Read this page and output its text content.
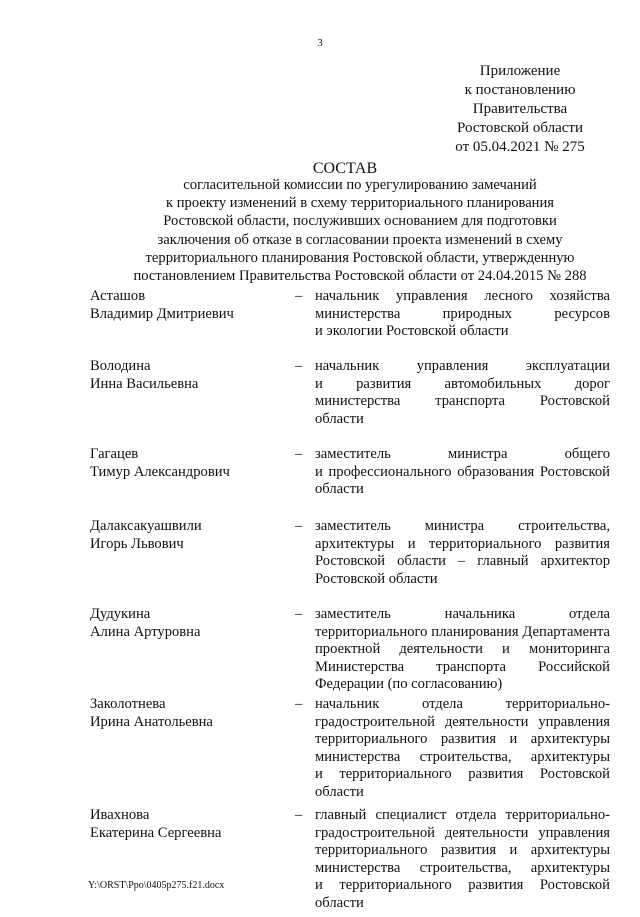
3
Приложение
к постановлению
Правительства
Ростовской области
от 05.04.2021 № 275
СОСТАВ
согласительной комиссии по урегулированию замечаний
к проекту изменений в схему территориального планирования
Ростовской области, послуживших основанием для подготовки
заключения об отказе в согласовании проекта изменений в схему
территориального планирования Ростовской области, утвержденную
постановлением Правительства Ростовской области от 24.04.2015 № 288
Асташов
Владимир Дмитриевич
– начальник управления лесного хозяйства
министерства природных ресурсов
и экологии Ростовской области
Володина
Инна Васильевна
– начальник управления эксплуатации
и развития автомобильных дорог
министерства транспорта Ростовской
области
Гагацев
Тимур Александрович
– заместитель министра общего
и профессионального образования Ростовской
области
Далаксакуашвили
Игорь Львович
– заместитель министра строительства,
архитектуры и территориального развития
Ростовской области – главный архитектор
Ростовской области
Дудукина
Алина Артуровна
– заместитель начальника отдела
территориального планирования Департамента
проектной деятельности и мониторинга
Министерства транспорта Российской
Федерации (по согласованию)
Заколотнева
Ирина Анатольевна
– начальник отдела территориально-
градостроительной деятельности управления
территориального развития и архитектуры
министерства строительства, архитектуры
и территориального развития Ростовской
области
Ивахнова
Екатерина Сергеевна
– главный специалист отдела территориально-
градостроительной деятельности управления
территориального развития и архитектуры
министерства строительства, архитектуры
и территориального развития Ростовской
области
Y:\ORST\Ppo\0405p275.f21.docx
